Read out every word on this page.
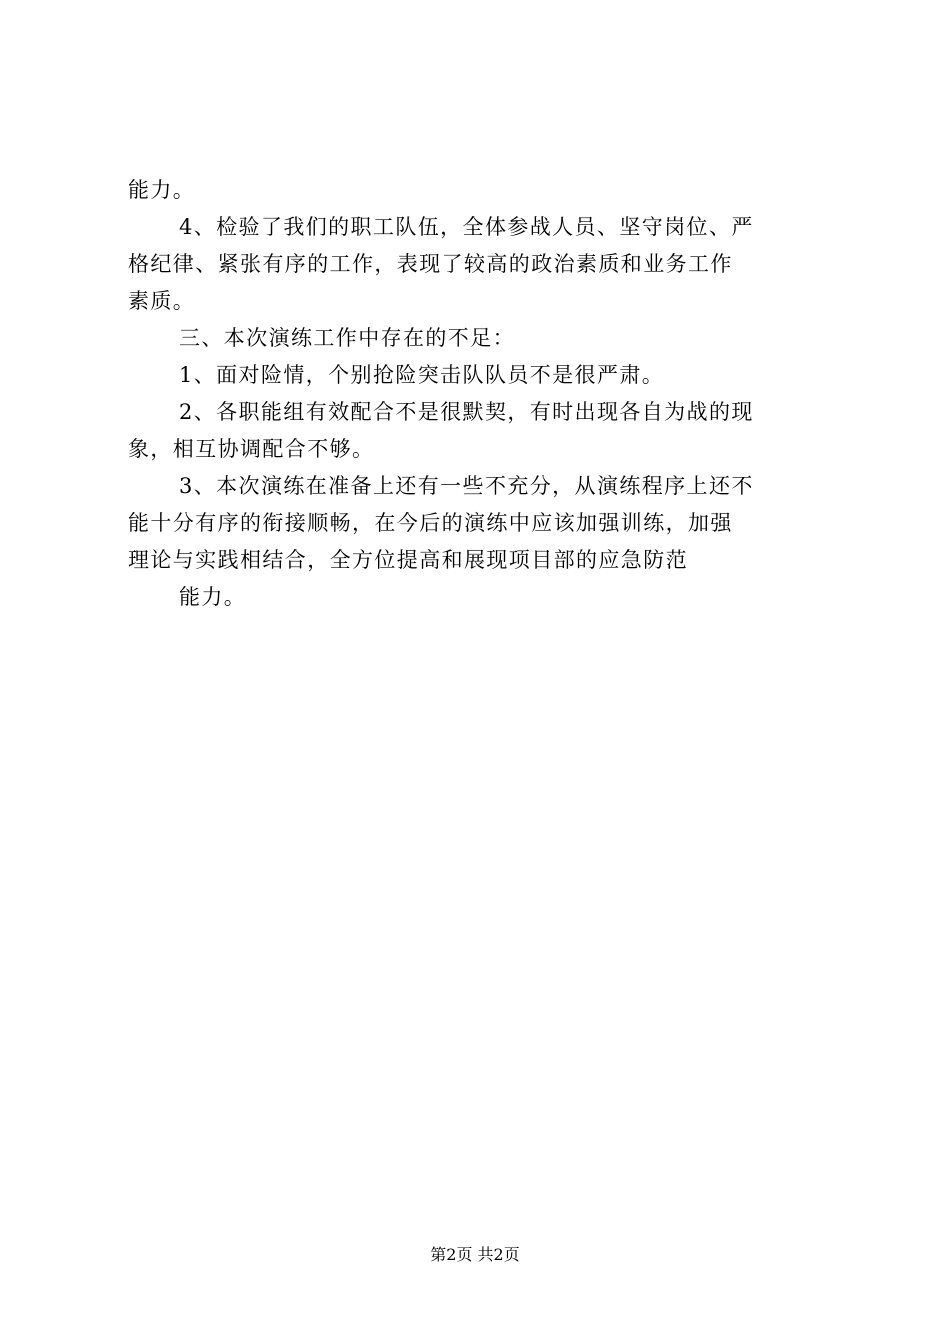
能力。
4、检验了我们的职工队伍，全体参战人员、坚守岗位、严
格纪律、紧张有序的工作，表现了较高的政治素质和业务工作
素质。
三、本次演练工作中存在的不足：
1、面对险情，个别抢险突击队队员不是很严肃。
2、各职能组有效配合不是很默契，有时出现各自为战的现
象，相互协调配合不够。
3、本次演练在准备上还有一些不充分，从演练程序上还不
能十分有序的衔接顺畅，在今后的演练中应该加强训练，加强
理论与实践相结合，全方位提高和展现项目部的应急防范
能力。
第2页 共2页
